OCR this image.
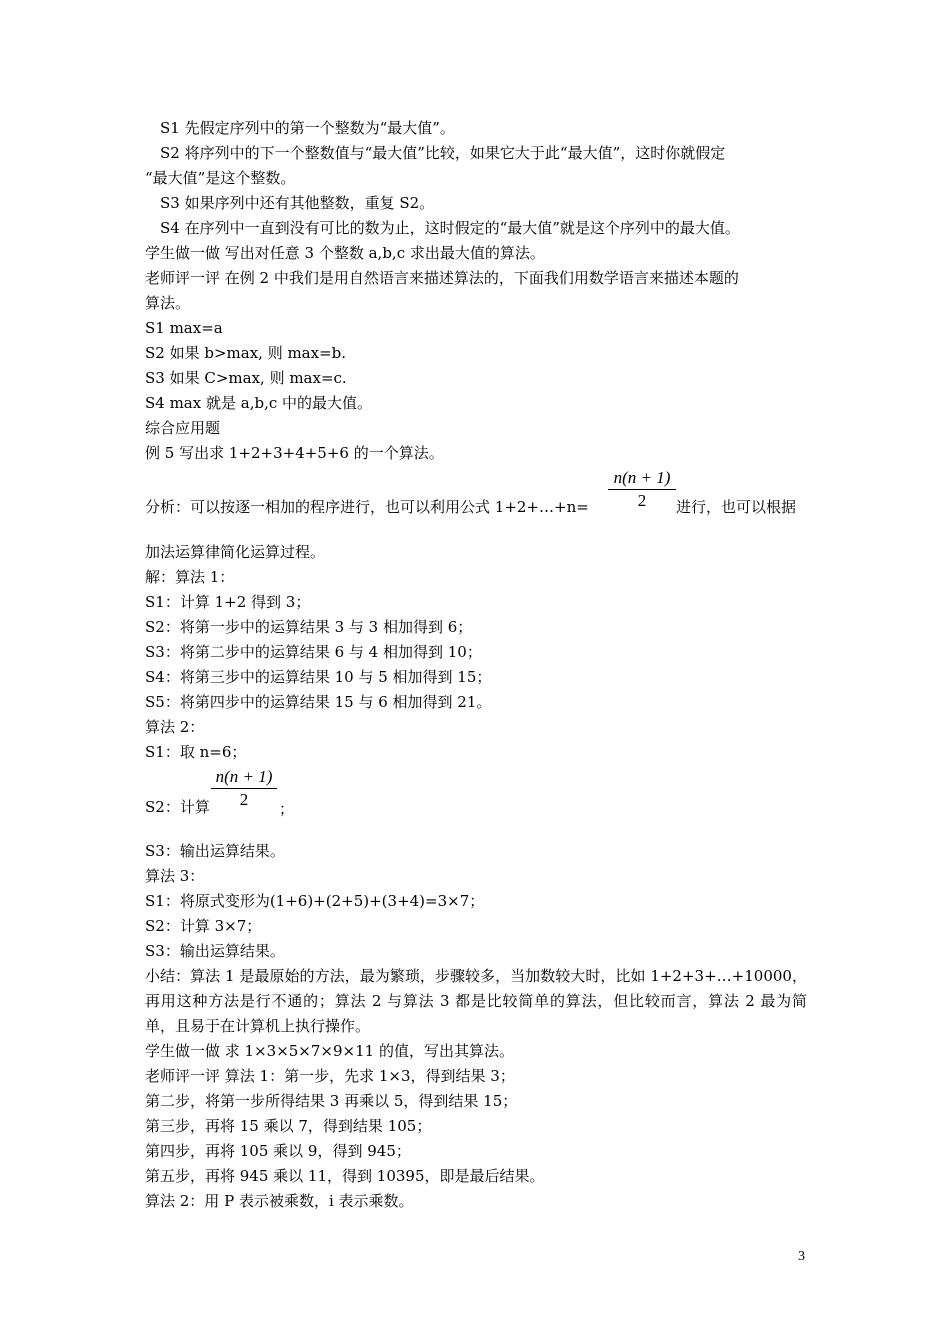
S1 先假定序列中的第一个整数为“最大值”。
S2 将序列中的下一个整数值与“最大值”比较，如果它大于此“最大值”，这时你就假定
“最大值”是这个整数。
S3 如果序列中还有其他整数，重复 S2。
S4 在序列中一直到没有可比的数为止，这时假定的“最大值”就是这个序列中的最大值。
学生做一做 写出对任意 3 个整数 a,b,c 求出最大值的算法。
老师评一评 在例 2 中我们是用自然语言来描述算法的，下面我们用数学语言来描述本题的
算法。
S1 max=a
S2 如果 b>max, 则 max=b.
S3 如果 C>max, 则 max=c.
S4 max 就是 a,b,c 中的最大值。
综合应用题
例 5 写出求 1+2+3+4+5+6 的一个算法。
分析：可以按逐一相加的程序进行，也可以利用公式 1+2+…+n=
n(n + 1)
2	进行，也可以根据
加法运算律简化运算过程。
解：算法 1：
S1：计算 1+2 得到 3；
S2：将第一步中的运算结果 3 与 3 相加得到 6；
S3：将第二步中的运算结果 6 与 4 相加得到 10；
S4：将第三步中的运算结果 10 与 5 相加得到 15；
S5：将第四步中的运算结果 15 与 6 相加得到 21。
算法 2：
S1：取 n=6；
S2：计算
n(n + 1)
2	；
S3：输出运算结果。
算法 3：
S1：将原式变形为(1+6)+(2+5)+(3+4)=3×7；
S2：计算 3×7；
S3：输出运算结果。
小结：算法 1 是最原始的方法，最为繁琐，步骤较多，当加数较大时，比如 1+2+3+…+10000，
再用这种方法是行不通的；算法 2 与算法 3 都是比较简单的算法，但比较而言，算法 2 最为简
单，且易于在计算机上执行操作。
学生做一做 求 1×3×5×7×9×11 的值，写出其算法。
老师评一评 算法 1：第一步，先求 1×3，得到结果 3；
第二步，将第一步所得结果 3 再乘以 5，得到结果 15；
第三步，再将 15 乘以 7，得到结果 105；
第四步，再将 105 乘以 9，得到 945；
第五步，再将 945 乘以 11，得到 10395，即是最后结果。
算法 2：用 P 表示被乘数，i 表示乘数。
3
